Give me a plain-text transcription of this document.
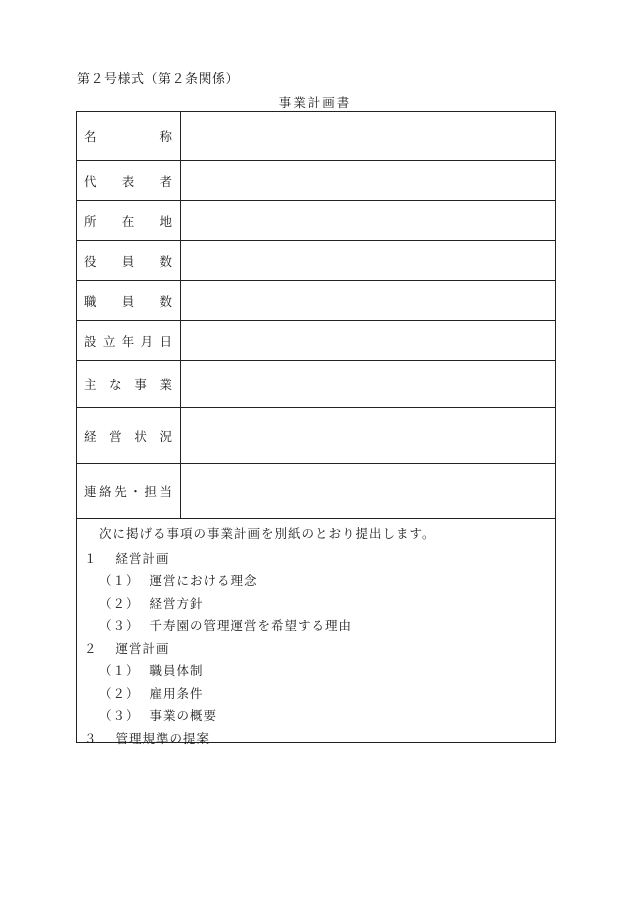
第２号様式（第２条関係）
事業計画書
名	称
代 表 者
所 在 地
役 員 数
職 員 数
設 立 年 月 日
主 な 事 業
経 営 状 況
連 絡 先 ・ 担 当
次に掲げる事項の事業計画を別紙のとおり提出します。
１ 経営計画
（１） 運営における理念
（２） 経営方針
（３） 千寿園の管理運営を希望する理由
２ 運営計画
（１） 職員体制
（２） 雇用条件
（３） 事業の概要
３ 管理規準の提案
